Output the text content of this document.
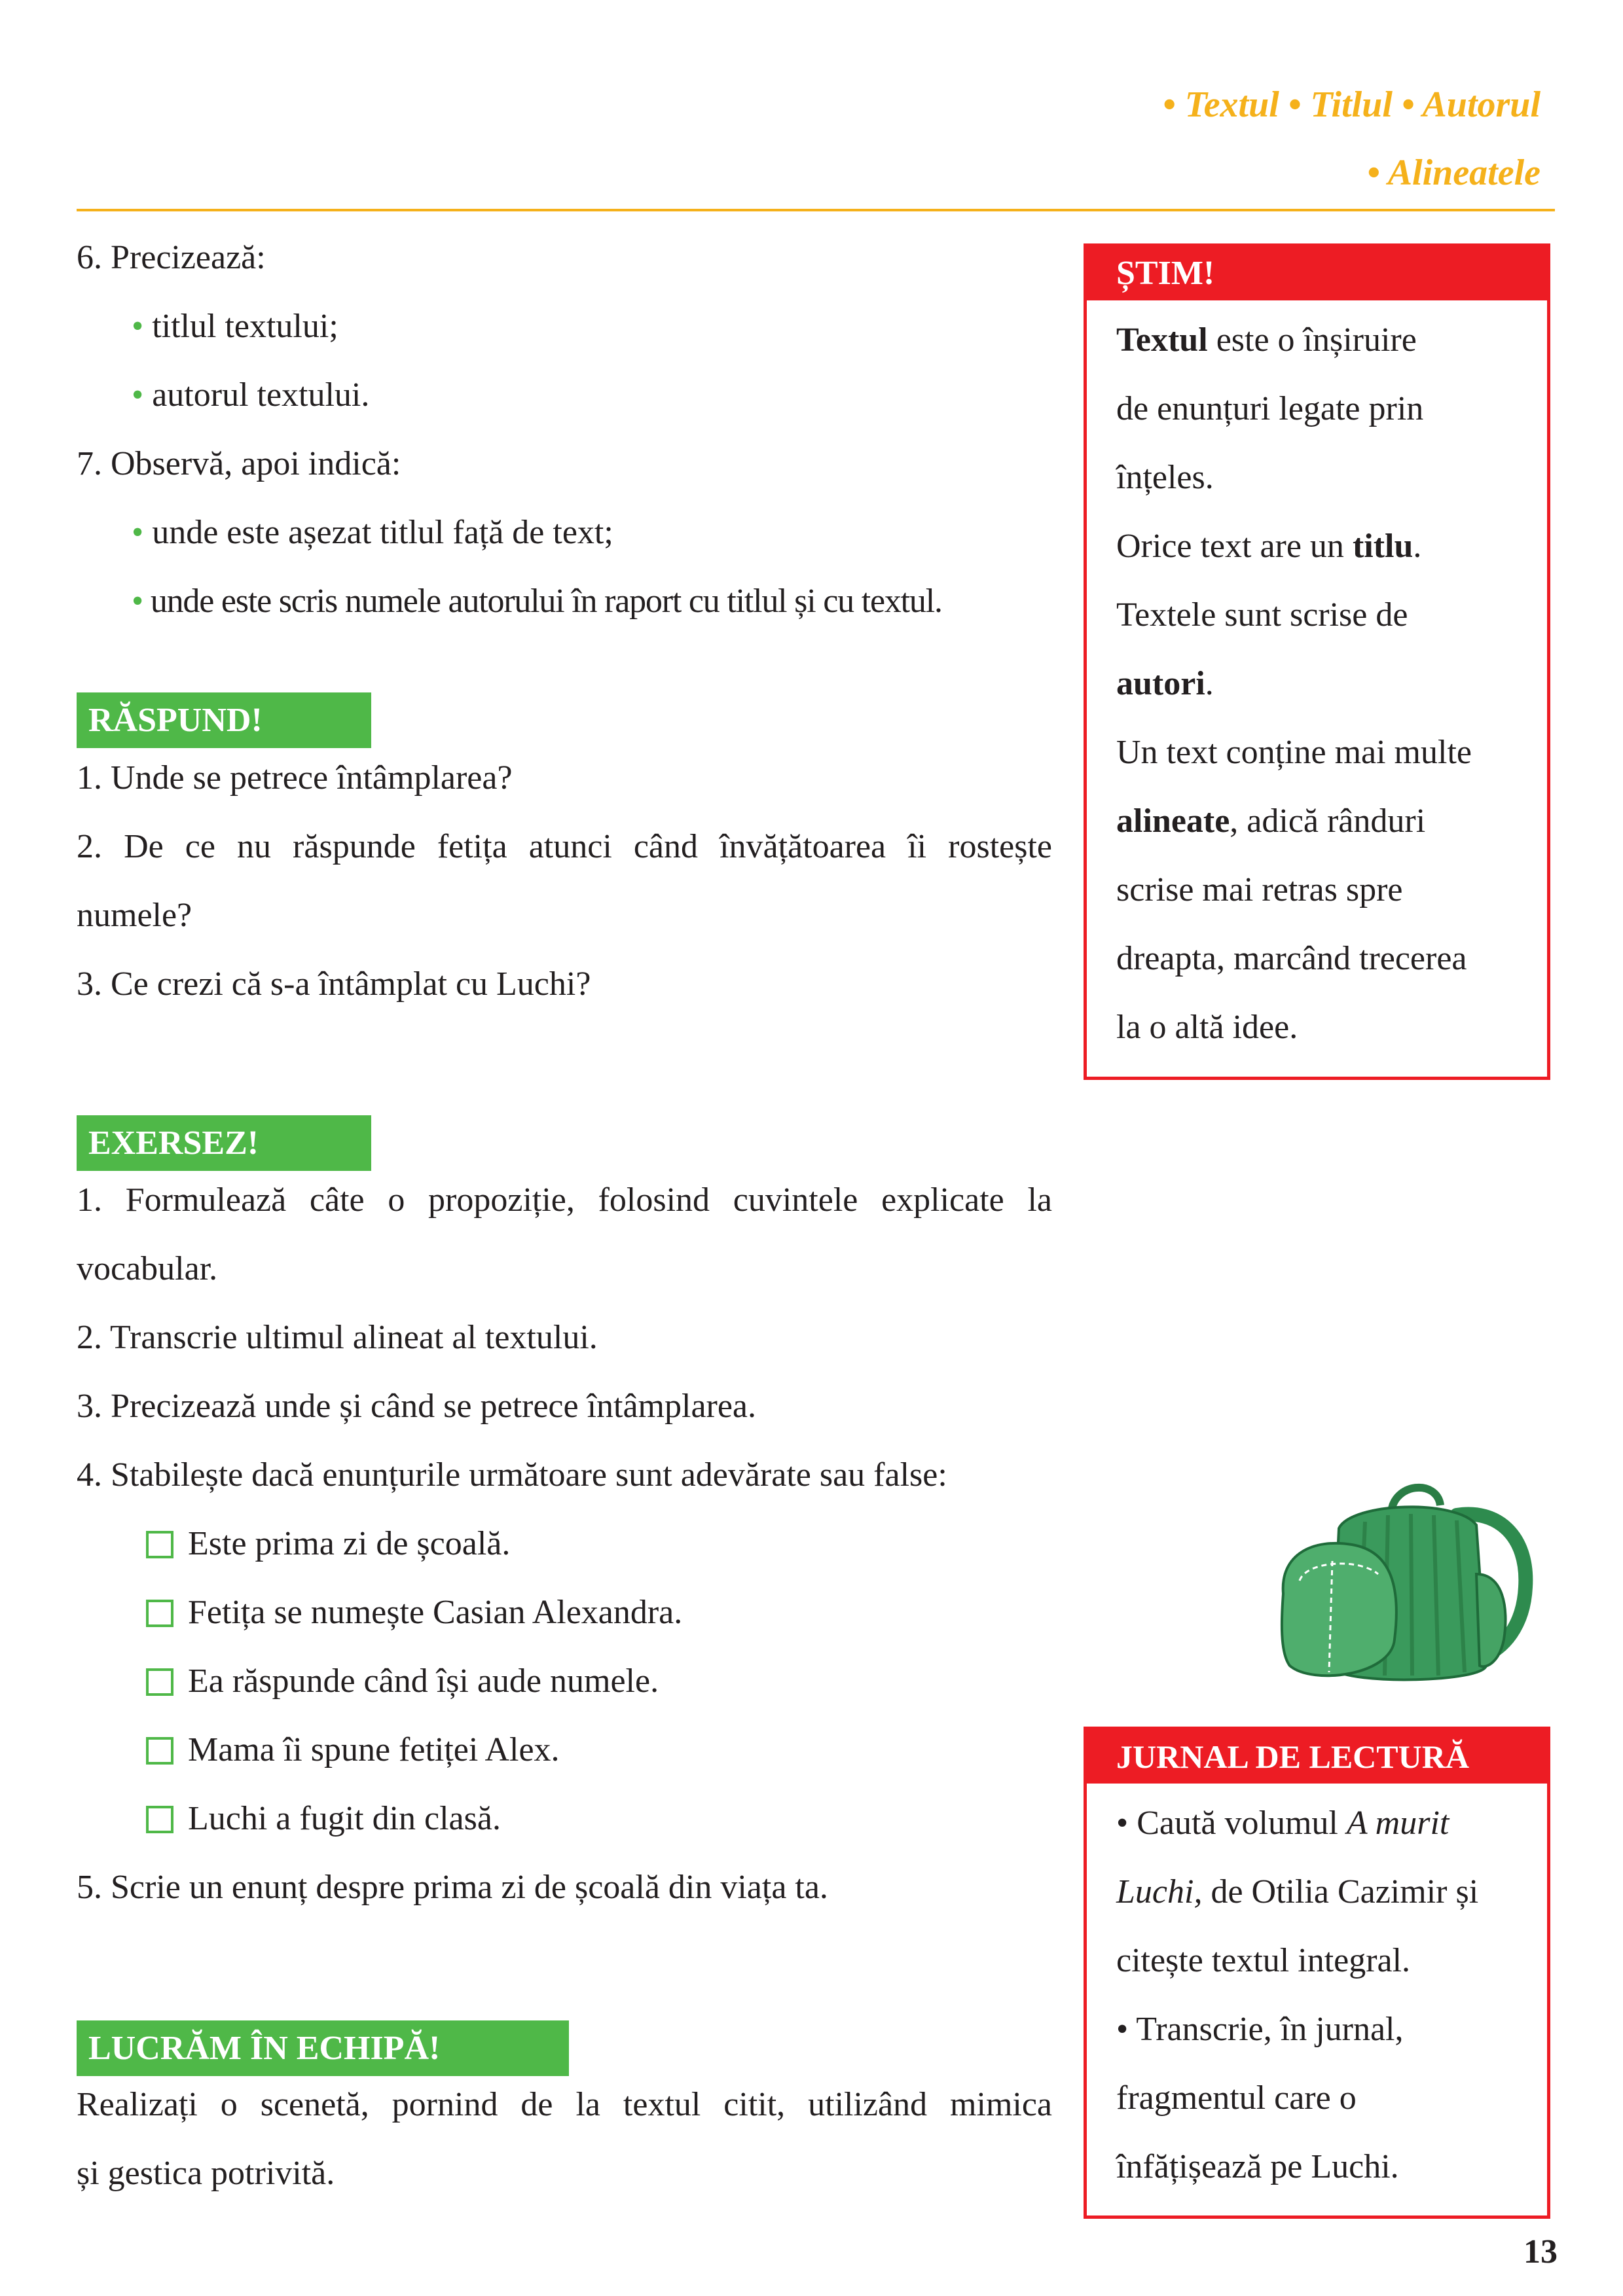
• Textul • Titlul • Autorul
• Alineatele
6. Precizează:
• titlul textului;
• autorul textului.
7. Observă, apoi indică:
• unde este așezat titlul față de text;
• unde este scris numele autorului în raport cu titlul și cu textul.
RĂSPUND!
1. Unde se petrece întâmplarea?
2. De ce nu răspunde fetița atunci când învățătoarea îi rostește
numele?
3. Ce crezi că s-a întâmplat cu Luchi?
EXERSEZ!
1. Formulează câte o propoziție, folosind cuvintele explicate la
vocabular.
2. Transcrie ultimul alineat al textului.
3. Precizează unde și când se petrece întâmplarea.
4. Stabilește dacă enunțurile următoare sunt adevărate sau false:
Este prima zi de școală.
Fetița se numește Casian Alexandra.
Ea răspunde când își aude numele.
Mama îi spune fetiței Alex.
Luchi a fugit din clasă.
5. Scrie un enunț despre prima zi de școală din viața ta.
LUCRĂM ÎN ECHIPĂ!
Realizați o scenetă, pornind de la textul citit, utilizând mimica
și gestica potrivită.
ȘTIM!
Textul este o înșiruire
de enunțuri legate prin
înțeles.
Orice text are un titlu.
Textele sunt scrise de
autori.
Un text conține mai multe
alineate, adică rânduri
scrise mai retras spre
dreapta, marcând trecerea
la o altă idee.
JURNAL DE LECTURĂ
• Caută volumul A murit
Luchi, de Otilia Cazimir și
citește textul integral.
• Transcrie, în jurnal,
fragmentul care o
înfățișează pe Luchi.
13
